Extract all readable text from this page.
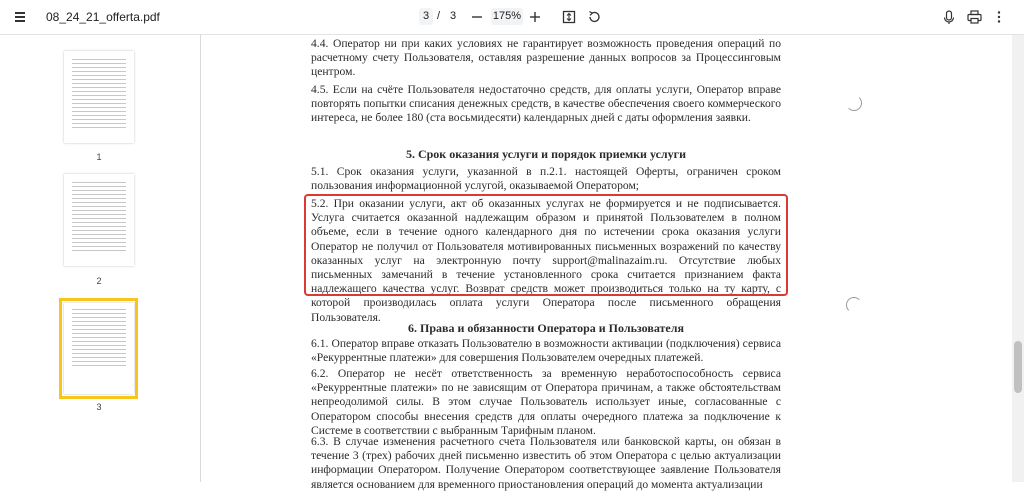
08_24_21_offerta.pdf	3 / 3	175%
1
2
3
4.4. Оператор ни при каких условиях не гарантирует возможность проведения операций по расчетному счету Пользователя, оставляя разрешение данных вопросов за Процессинговым центром.
4.5. Если на счёте Пользователя недостаточно средств, для оплаты услуги, Оператор вправе повторять попытки списания денежных средств, в качестве обеспечения своего коммерческого интереса, не более 180 (ста восьмидесяти) календарных дней с даты оформления заявки.
5. Срок оказания услуги и порядок приемки услуги
5.1. Срок оказания услуги, указанной в п.2.1. настоящей Оферты, ограничен сроком пользования информационной услугой, оказываемой Оператором;
5.2. При оказании услуги, акт об оказанных услугах не формируется и не подписывается. Услуга считается оказанной надлежащим образом и принятой Пользователем в полном объеме, если в течение одного календарного дня по истечении срока оказания услуги Оператор не получил от Пользователя мотивированных письменных возражений по качеству оказанных услуг на электронную почту support@malinazaim.ru. Отсутствие любых письменных замечаний в течение установленного срока считается признанием факта надлежащего качества услуг. Возврат средств может производиться только на ту карту, с которой производилась оплата услуги Оператора после письменного обращения Пользователя.
6. Права и обязанности Оператора и Пользователя
6.1. Оператор вправе отказать Пользователю в возможности активации (подключения) сервиса «Рекуррентные платежи» для совершения Пользователем очередных платежей.
6.2. Оператор не несёт ответственность за временную неработоспособность сервиса «Рекуррентные платежи» по не зависящим от Оператора причинам, а также обстоятельствам непреодолимой силы. В этом случае Пользователь использует иные, согласованные с Оператором способы внесения средств для оплаты очередного платежа за подключение к Системе в соответствии с выбранным Тарифным планом.
6.3. В случае изменения расчетного счета Пользователя или банковской карты, он обязан в течение 3 (трех) рабочих дней письменно известить об этом Оператора с целью актуализации информации Оператором. Получение Оператором соответствующее заявление Пользователя является основанием для временного приостановления операций до момента актуализации
